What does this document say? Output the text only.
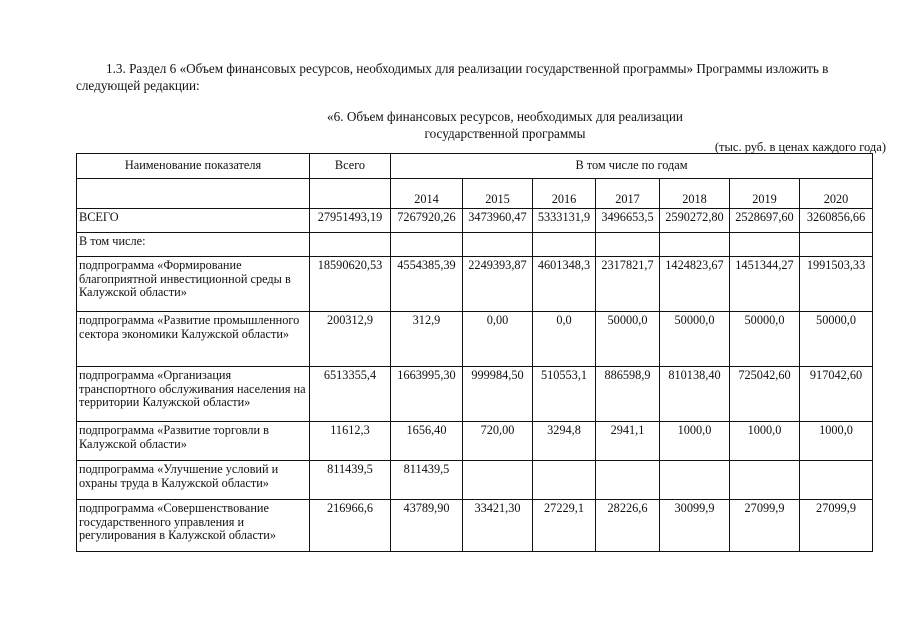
1.3. Раздел 6 «Объем финансовых ресурсов, необходимых для реализации государственной программы» Программы изложить в следующей редакции:

«6. Объем финансовых ресурсов, необходимых для реализации
государственной программы
(тыс. руб. в ценах каждого года)
Наименование показателя	Всего	В том числе по годам						
		2014	2015	2016	2017	2018	2019	2020
ВСЕГО	27951493,19	7267920,26	3473960,47	5333131,9	3496653,5	2590272,80	2528697,60	3260856,66
В том числе:								
подпрограмма «Формирование благоприятной инвестиционной среды в Калужской области»	18590620,53	4554385,39	2249393,87	4601348,3	2317821,7	1424823,67	1451344,27	1991503,33
подпрограмма «Развитие промышленного сектора экономики Калужской области»	200312,9	312,9	0,00	0,0	50000,0	50000,0	50000,0	50000,0
подпрограмма «Организация транспортного обслуживания населения на территории Калужской области»	6513355,4	1663995,30	999984,50	510553,1	886598,9	810138,40	725042,60	917042,60
подпрограмма «Развитие торговли в Калужской области»	11612,3	1656,40	720,00	3294,8	2941,1	1000,0	1000,0	1000,0
подпрограмма «Улучшение условий и охраны труда в Калужской области»	811439,5	811439,5						
подпрограмма «Совершенствование государственного управления и регулирования в Калужской области»	216966,6	43789,90	33421,30	27229,1	28226,6	30099,9	27099,9	27099,9
